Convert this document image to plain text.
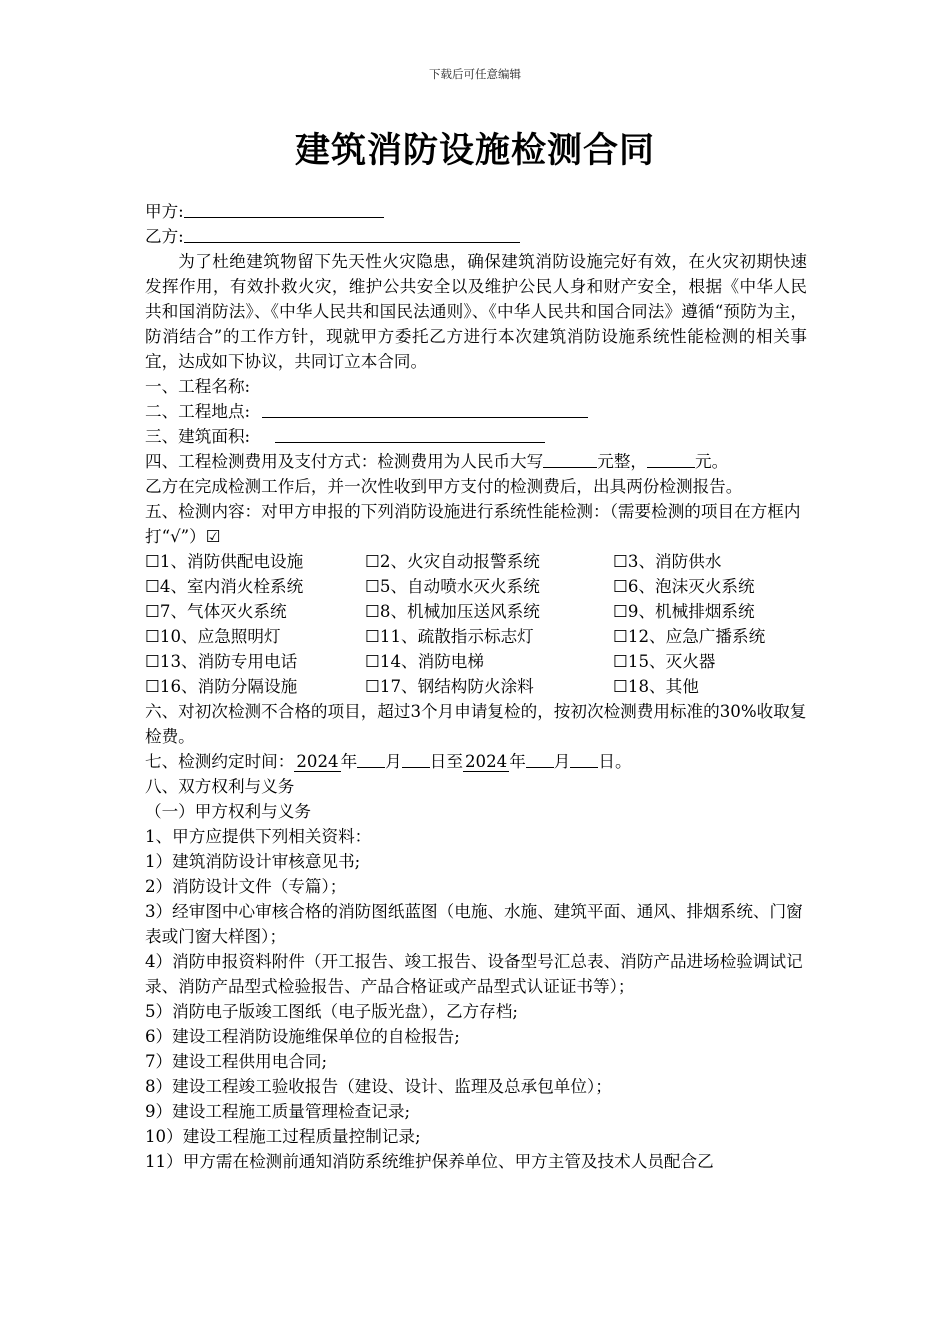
下载后可任意编辑
建筑消防设施检测合同
甲方:
乙方:
为了杜绝建筑物留下先天性火灾隐患，确保建筑消防设施完好有效，在火灾初期快速发挥作用，有效扑救火灾，维护公共安全以及维护公民人身和财产安全，根据《中华人民共和国消防法》、《中华人民共和国民法通则》、《中华人民共和国合同法》遵循“预防为主，防消结合”的工作方针，现就甲方委托乙方进行本次建筑消防设施系统性能检测的相关事宜，达成如下协议，共同订立本合同。
一、工程名称:
二、工程地点:
三、建筑面积:
四、工程检测费用及支付方式：检测费用为人民币大写	元整，	元。
乙方在完成检测工作后，并一次性收到甲方支付的检测费后，出具两份检测报告。
五、检测内容：对甲方申报的下列消防设施进行系统性能检测：（需要检测的项目在方框内打“√”）☑
☐1、消防供配电设施	☐2、火灾自动报警系统	☐3、消防供水
☐4、室内消火栓系统	☐5、自动喷水灭火系统	☐6、泡沫灭火系统
☐7、气体灭火系统	☐8、机械加压送风系统	☐9、机械排烟系统
☐10、应急照明灯	☐11、疏散指示标志灯	☐12、应急广播系统
☐13、消防专用电话	☐14、消防电梯	☐15、灭火器
☐16、消防分隔设施	☐17、钢结构防火涂料	☐18、其他
六、对初次检测不合格的项目，超过3个月申请复检的，按初次检测费用标准的30%收取复检费。
七、检测约定时间： 2024 年 月 日至 2024 年 月 日。
八、双方权利与义务
（一）甲方权利与义务
1、甲方应提供下列相关资料：
1）建筑消防设计审核意见书;
2）消防设计文件（专篇）；
3）经审图中心审核合格的消防图纸蓝图（电施、水施、建筑平面、通风、排烟系统、门窗表或门窗大样图）；
4）消防申报资料附件（开工报告、竣工报告、设备型号汇总表、消防产品进场检验调试记录、消防产品型式检验报告、产品合格证或产品型式认证证书等）；
5）消防电子版竣工图纸（电子版光盘），乙方存档;
6）建设工程消防设施维保单位的自检报告;
7）建设工程供用电合同;
8）建设工程竣工验收报告（建设、设计、监理及总承包单位）；
9）建设工程施工质量管理检查记录;
10）建设工程施工过程质量控制记录;
11）甲方需在检测前通知消防系统维护保养单位、甲方主管及技术人员配合乙
